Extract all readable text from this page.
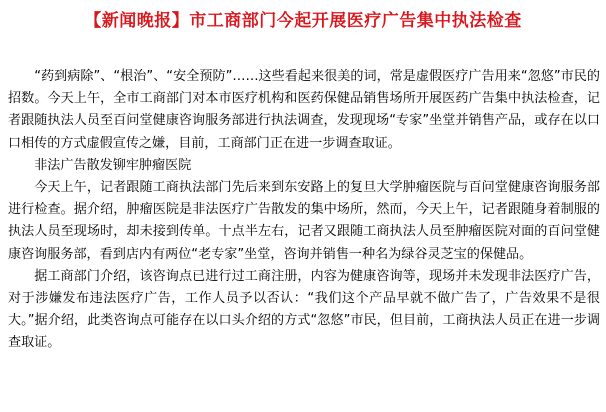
【新闻晚报】市工商部门今起开展医疗广告集中执法检查

“药到病除”、“根治”、“安全预防”……这些看起来很美的词，常是虚假医疗广告用来“忽悠”市民的招数。今天上午，全市工商部门对本市医疗机构和医药保健品销售场所开展医药广告集中执法检查，记者跟随执法人员至百问堂健康咨询服务部进行执法调查，发现现场“专家”坐堂并销售产品，或存在以口口相传的方式虚假宣传之嫌，目前，工商部门正在进一步调查取证。

非法广告散发铆牢肿瘤医院

今天上午，记者跟随工商执法部门先后来到东安路上的复旦大学肿瘤医院与百问堂健康咨询服务部进行检查。据介绍，肿瘤医院是非法医疗广告散发的集中场所，然而，今天上午，记者跟随身着制服的执法人员至现场时，却未接到传单。十点半左右，记者又跟随工商执法人员至肿瘤医院对面的百问堂健康咨询服务部，看到店内有两位“老专家”坐堂，咨询并销售一种名为绿谷灵芝宝的保健品。

据工商部门介绍，该咨询点已进行过工商注册，内容为健康咨询等，现场并未发现非法医疗广告，对于涉嫌发布违法医疗广告，工作人员予以否认：“我们这个产品早就不做广告了，广告效果不是很大。”据介绍，此类咨询点可能存在以口头介绍的方式“忽悠”市民，但目前，工商执法人员正在进一步调查取证。
